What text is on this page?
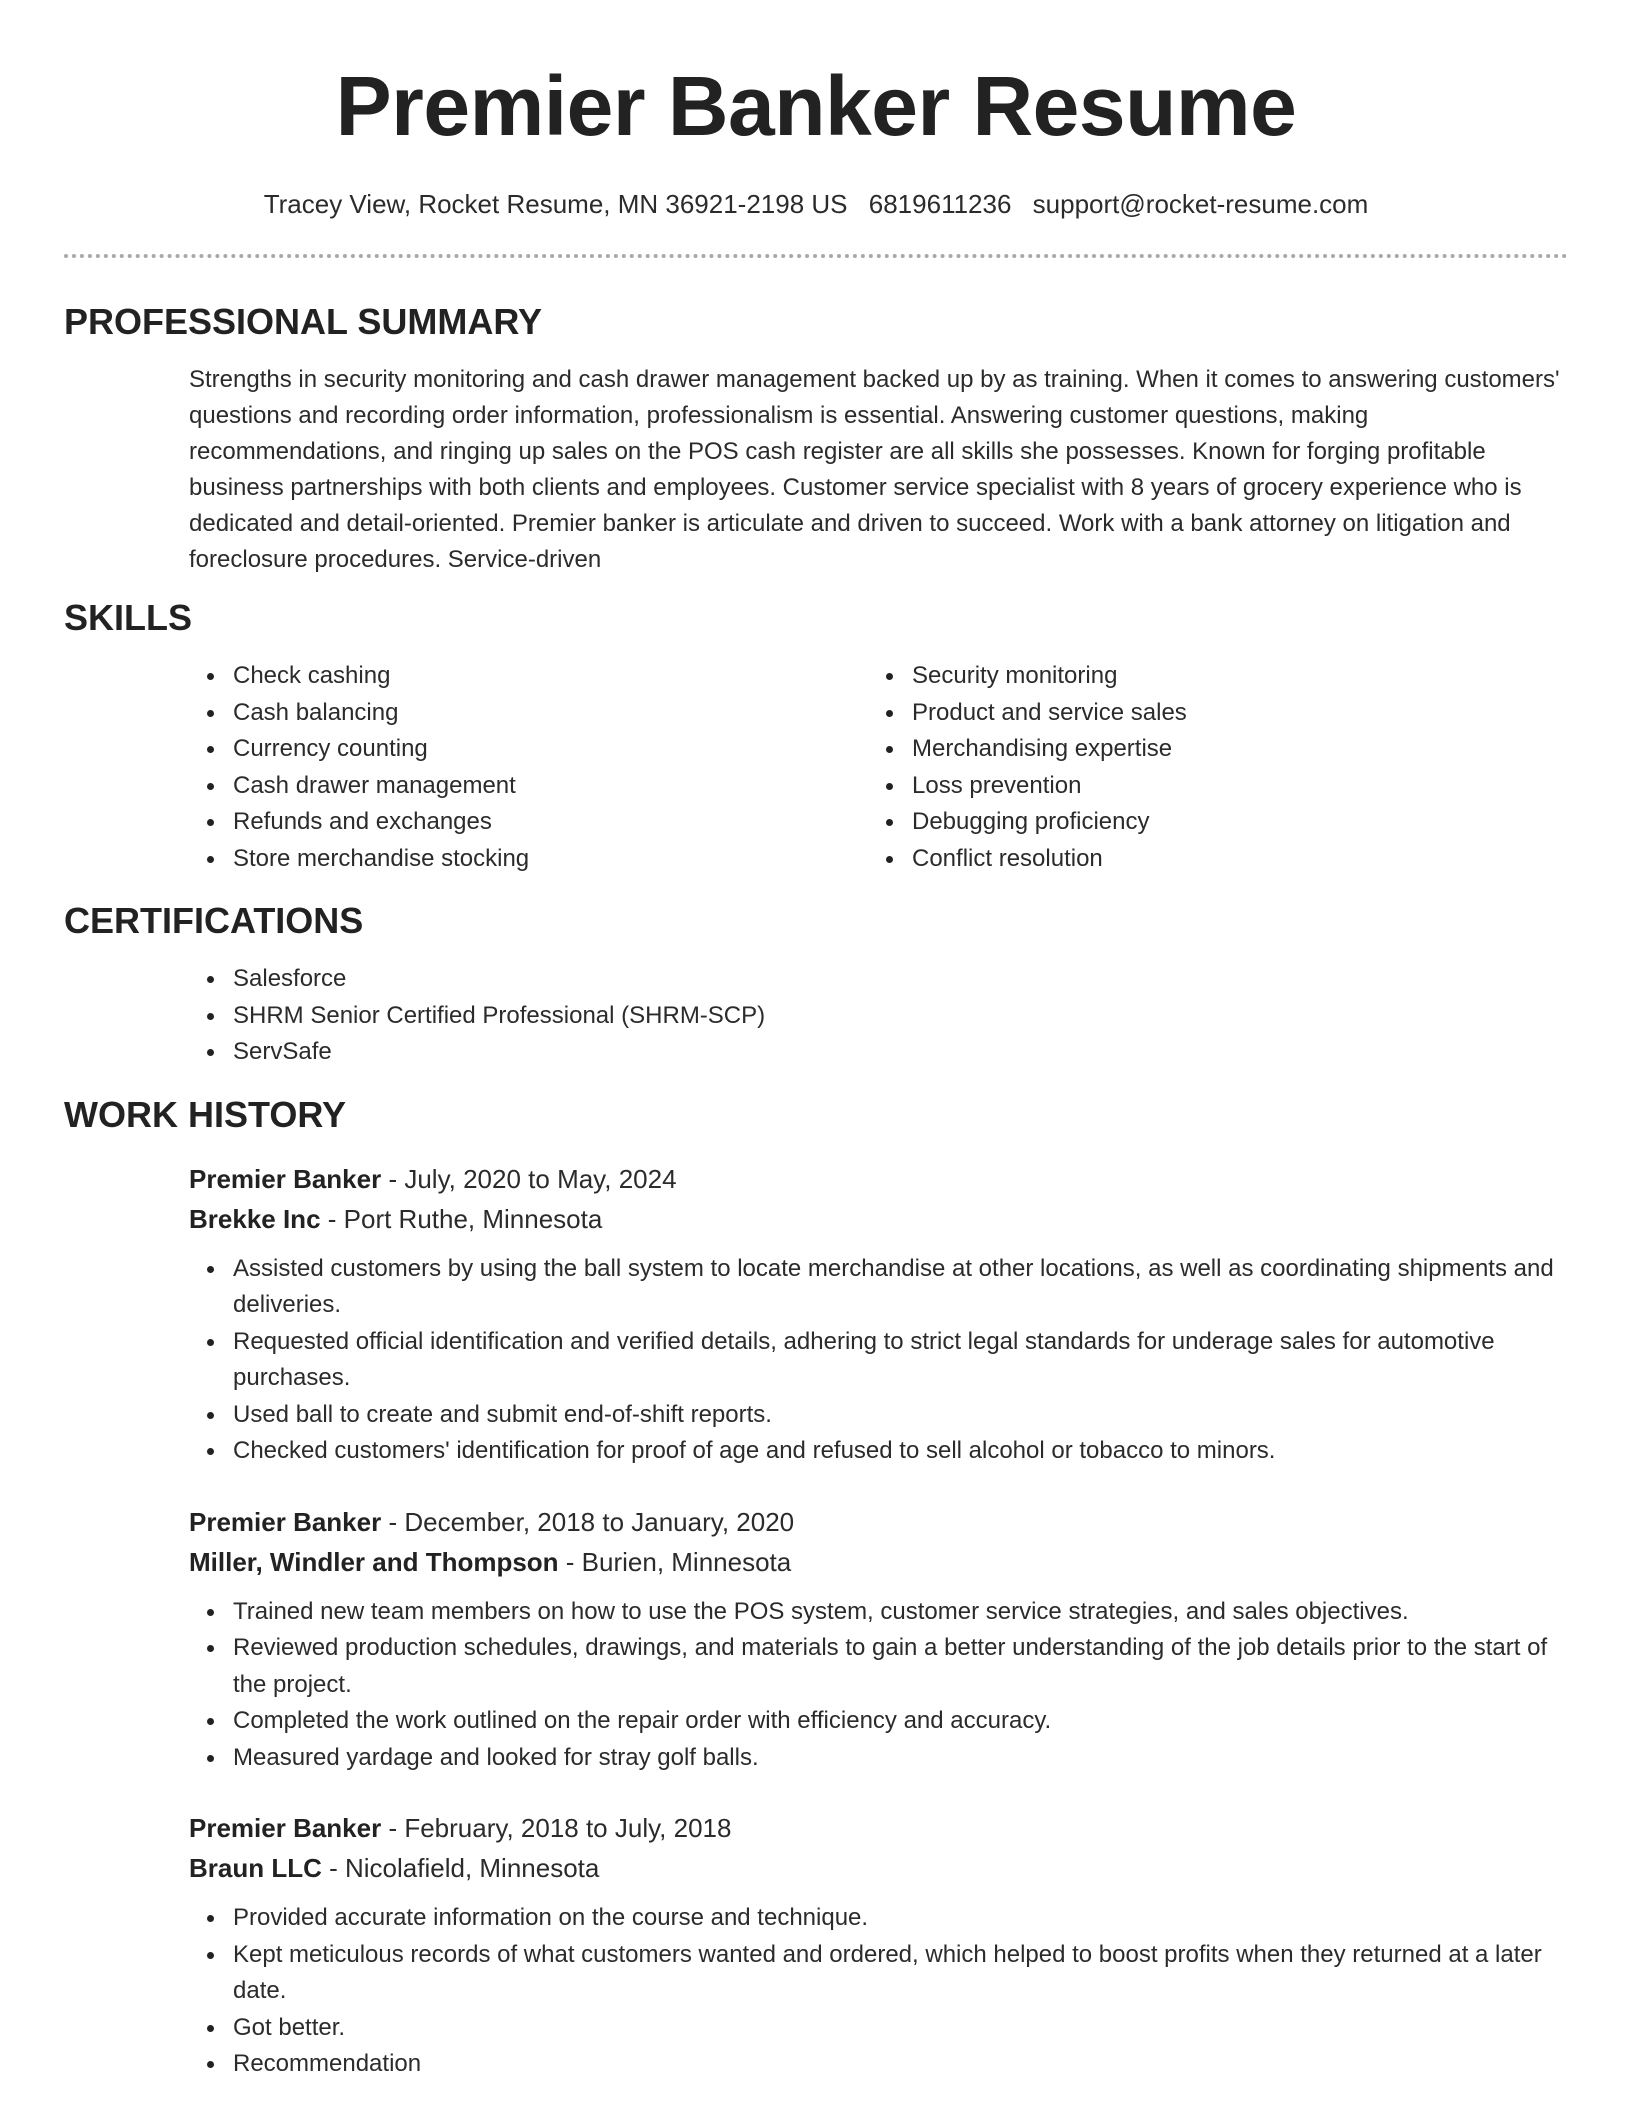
Premier Banker Resume
Tracey View, Rocket Resume, MN 36921-2198 US 6819611236 support@rocket-resume.com
PROFESSIONAL SUMMARY

Strengths in security monitoring and cash drawer management backed up by as training. When it comes to answering customers' questions and recording order information, professionalism is essential. Answering customer questions, making recommendations, and ringing up sales on the POS cash register are all skills she possesses. Known for forging profitable business partnerships with both clients and employees. Customer service specialist with 8 years of grocery experience who is dedicated and detail-oriented. Premier banker is articulate and driven to succeed. Work with a bank attorney on litigation and foreclosure procedures. Service-driven

SKILLS
Check cashing
Cash balancing
Currency counting
Cash drawer management
Refunds and exchanges
Store merchandise stocking
Security monitoring
Product and service sales
Merchandising expertise
Loss prevention
Debugging proficiency
Conflict resolution
CERTIFICATIONS
Salesforce
SHRM Senior Certified Professional (SHRM-SCP)
ServSafe
WORK HISTORY
Premier Banker - July, 2020 to May, 2024
Brekke Inc - Port Ruthe, Minnesota
Assisted customers by using the ball system to locate merchandise at other locations, as well as coordinating shipments and deliveries.
Requested official identification and verified details, adhering to strict legal standards for underage sales for automotive purchases.
Used ball to create and submit end-of-shift reports.
Checked customers' identification for proof of age and refused to sell alcohol or tobacco to minors.
Premier Banker - December, 2018 to January, 2020
Miller, Windler and Thompson - Burien, Minnesota
Trained new team members on how to use the POS system, customer service strategies, and sales objectives.
Reviewed production schedules, drawings, and materials to gain a better understanding of the job details prior to the start of the project.
Completed the work outlined on the repair order with efficiency and accuracy.
Measured yardage and looked for stray golf balls.
Premier Banker - February, 2018 to July, 2018
Braun LLC - Nicolafield, Minnesota
Provided accurate information on the course and technique.
Kept meticulous records of what customers wanted and ordered, which helped to boost profits when they returned at a later date.
Got better.
Recommendation
